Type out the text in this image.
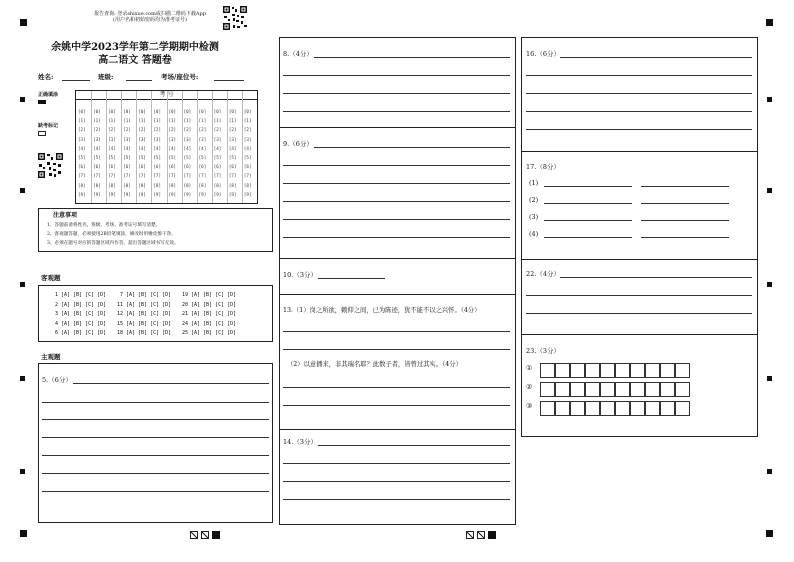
报告查询: 登录shixue.com或扫描二维码下载App
(用户名和初始密码均为准考证号)
余姚中学2023学年第二学期期中检测
高二语文 答题卷
姓名:	班级:	考场/座位号:
正确填涂
缺考标记
考 号
[0]
[1]
[2]
[3]
[4]
[5]
[6]
[7]
[8]
[9]
[0]
[1]
[2]
[3]
[4]
[5]
[6]
[7]
[8]
[9]
[0]
[1]
[2]
[3]
[4]
[5]
[6]
[7]
[8]
[9]
[0]
[1]
[2]
[3]
[4]
[5]
[6]
[7]
[8]
[9]
[0]
[1]
[2]
[3]
[4]
[5]
[6]
[7]
[8]
[9]
[0]
[1]
[2]
[3]
[4]
[5]
[6]
[7]
[8]
[9]
[0]
[1]
[2]
[3]
[4]
[5]
[6]
[7]
[8]
[9]
[0]
[1]
[2]
[3]
[4]
[5]
[6]
[7]
[8]
[9]
[0]
[1]
[2]
[3]
[4]
[5]
[6]
[7]
[8]
[9]
[0]
[1]
[2]
[3]
[4]
[5]
[6]
[7]
[8]
[9]
[0]
[1]
[2]
[3]
[4]
[5]
[6]
[7]
[8]
[9]
[0]
[1]
[2]
[3]
[4]
[5]
[6]
[7]
[8]
[9]
注意事项
1、答题前请将姓名、班级、考场、准考证号填写清楚。
2、客观题答题，必须使用2B铅笔填涂，修改时用橡皮擦干净。
3、必须在题号对应的答题区域内作答，超出答题区域书写无效。
客观题
1 [A] [B] [C] [D]
2 [A] [B] [C] [D]
3 [A] [B] [C] [D]
4 [A] [B] [C] [D]
6 [A] [B] [C] [D]
7 [A] [B] [C] [D]
11 [A] [B] [C] [D]
12 [A] [B] [C] [D]
15 [A] [B] [C] [D]
18 [A] [B] [C] [D]
19 [A] [B] [C] [D]
20 [A] [B] [C] [D]
21 [A] [B] [C] [D]
24 [A] [B] [C] [D]
25 [A] [B] [C] [D]
主观题
5.（6分）
8.（4分）
9.（6分）
10.（3分）
13.（1）岗之所欲，赖仰之间，已为陈迹，犹不能不以之兴怀。（4分）
（2）以意播来，非其瑞名耶？此数子者，皆曾过其实。（4分）
14.（3分）
16.（6分）
17.（8分）
(1)
(2)
(3)
(4)
22.（4分）
23.（3分）
①
②
③
